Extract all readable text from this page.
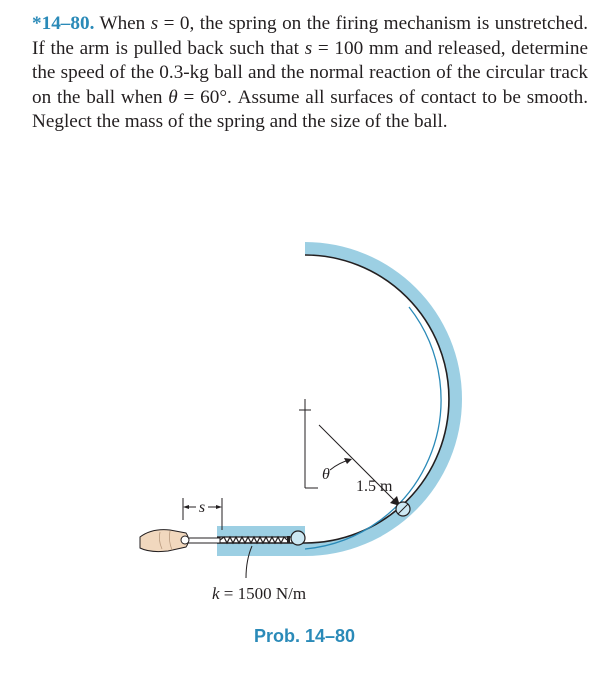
*14–80. When s = 0, the spring on the firing mechanism is unstretched. If the arm is pulled back such that s = 100 mm and released, determine the speed of the 0.3-kg ball and the normal reaction of the circular track on the ball when θ = 60°. Assume all surfaces of contact to be smooth. Neglect the mass of the spring and the size of the ball.

s
θ
1.5 m
k = 1500 N/m
Prob. 14–80
